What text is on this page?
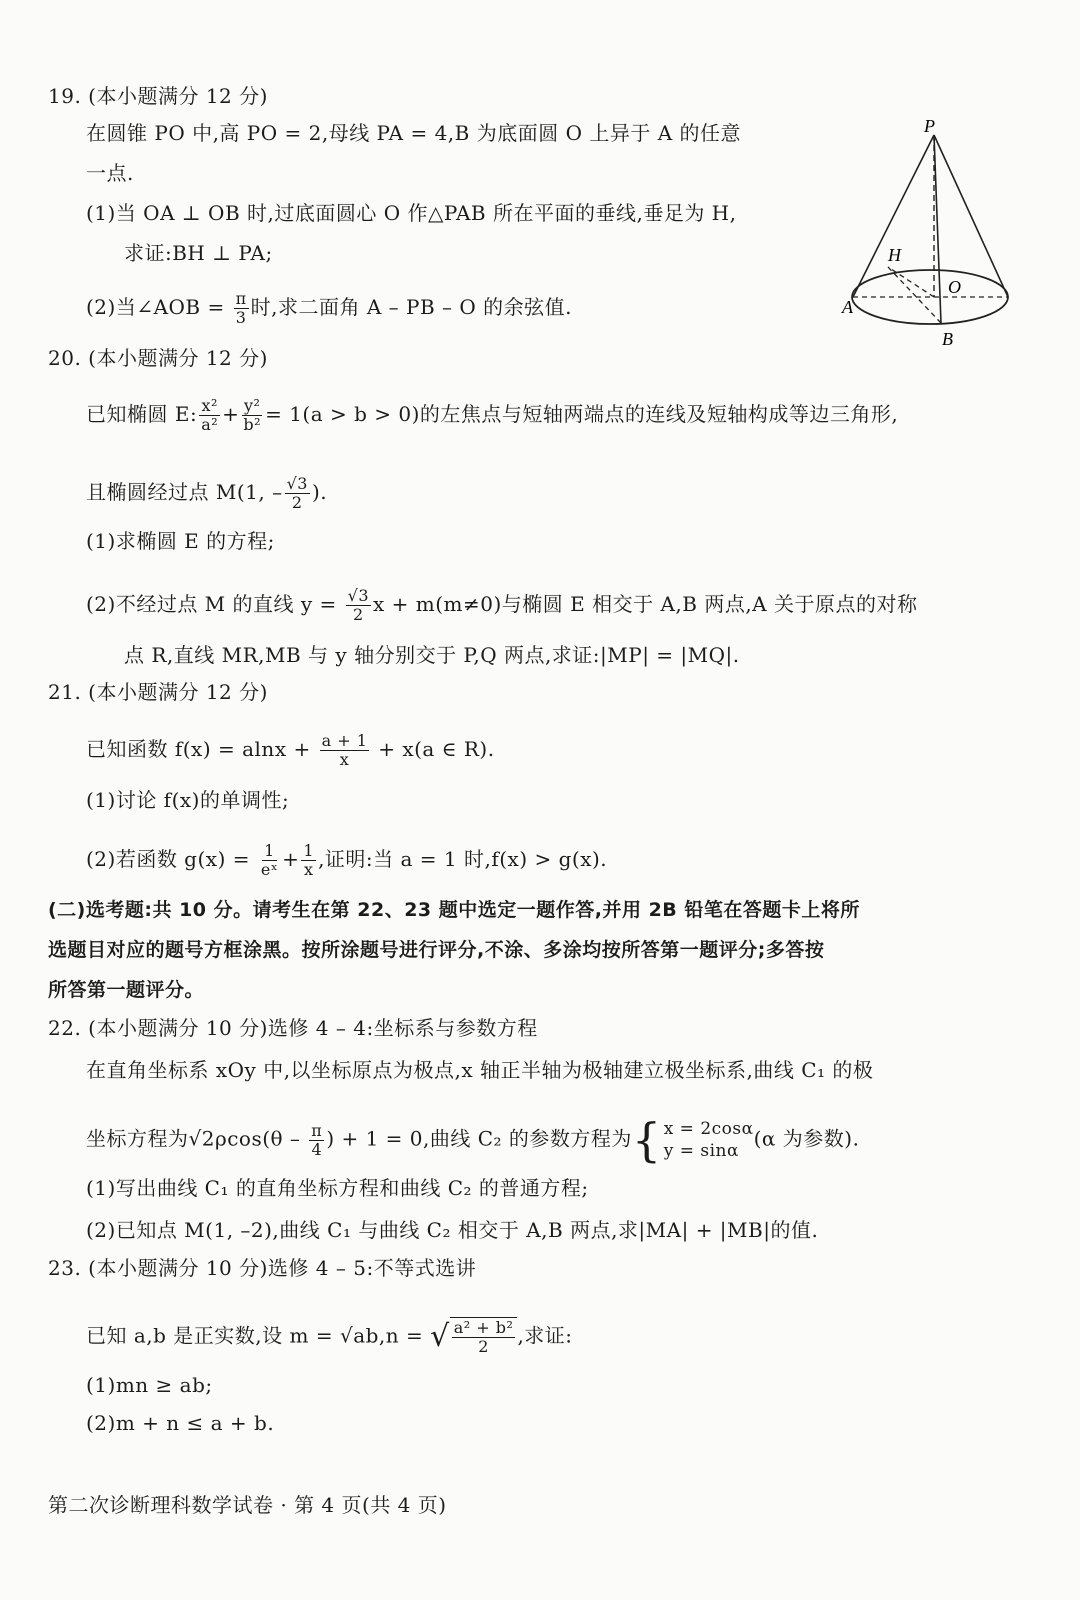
19. (本小题满分 12 分)
在圆锥 PO 中,高 PO = 2,母线 PA = 4,B 为底面圆 O 上异于 A 的任意
一点.
(1)当 OA ⊥ OB 时,过底面圆心 O 作△PAB 所在平面的垂线,垂足为 H,
求证:BH ⊥ PA;
(2)当∠AOB = $\frac{\pi}{3}$ 时,求二面角 A – PB – O 的余弦值.
20. (本小题满分 12 分)
已知椭圆 E: $\frac{\text{x²}}{\text{a²}} + \frac{\text{y²}}{\text{b²}} = 1(a > b > 0)$的左焦点与短轴两端点的连线及短轴构成等边三角形,
且椭圆经过点 M(1, – $\frac{√3}{2}$ ).
(1)求椭圆 E 的方程;
(2)不经过点 M 的直线 $y = \frac{√3}{2}$ x + m(m≠0)与椭圆 E 相交于 A,B 两点,A 关于原点的对称
点 R,直线 MR,MB 与 y 轴分别交于 P,Q 两点,求证:|MP| = |MQ|.
21. (本小题满分 12 分)
已知函数 $f(x) = alnx + \frac{a + 1}{x} + x(a$ ∈ R).
(1)讨论 f(x)的单调性;
(2)若函数 $g(x) = \frac{1}{\text{eˣ}} + \frac{1}{x}$ ,证明:当 a = 1 时,f(x) > g(x).
(二)选考题:共 10 分。请考生在第 22、23 题中选定一题作答,并用 2B 铅笔在答题卡上将所
选题目对应的题号方框涂黑。按所涂题号进行评分,不涂、多涂均按所答第一题评分;多答按
所答第一题评分。
22. (本小题满分 10 分)选修 4 – 4:坐标系与参数方程
在直角坐标系 xOy 中,以坐标原点为极点,x 轴正半轴为极轴建立极坐标系,曲线 C₁ 的极
坐标方程为$√2\rho\cos(\theta - \frac{\pi}{4}$ ) + 1 = 0,曲线 C₂ 的参数方程为 { x = 2cosα
y = sinα
(α 为参数).
(1)写出曲线 C₁ 的直角坐标方程和曲线 C₂ 的普通方程;
(2)已知点 M(1, –2),曲线 C₁ 与曲线 C₂ 相交于 A,B 两点,求|MA| + |MB|的值.
23. (本小题满分 10 分)选修 4 – 5:不等式选讲
已知 a,b 是正实数,设 m = √ab,n = √ $\frac{\text{a² + b²}}{2}$ ,求证:
(1)mn ≥ ab;
(2)m + n ≤ a + b.
第二次诊断理科数学试卷 · 第 4 页(共 4 页)
P
H
O
A
B
